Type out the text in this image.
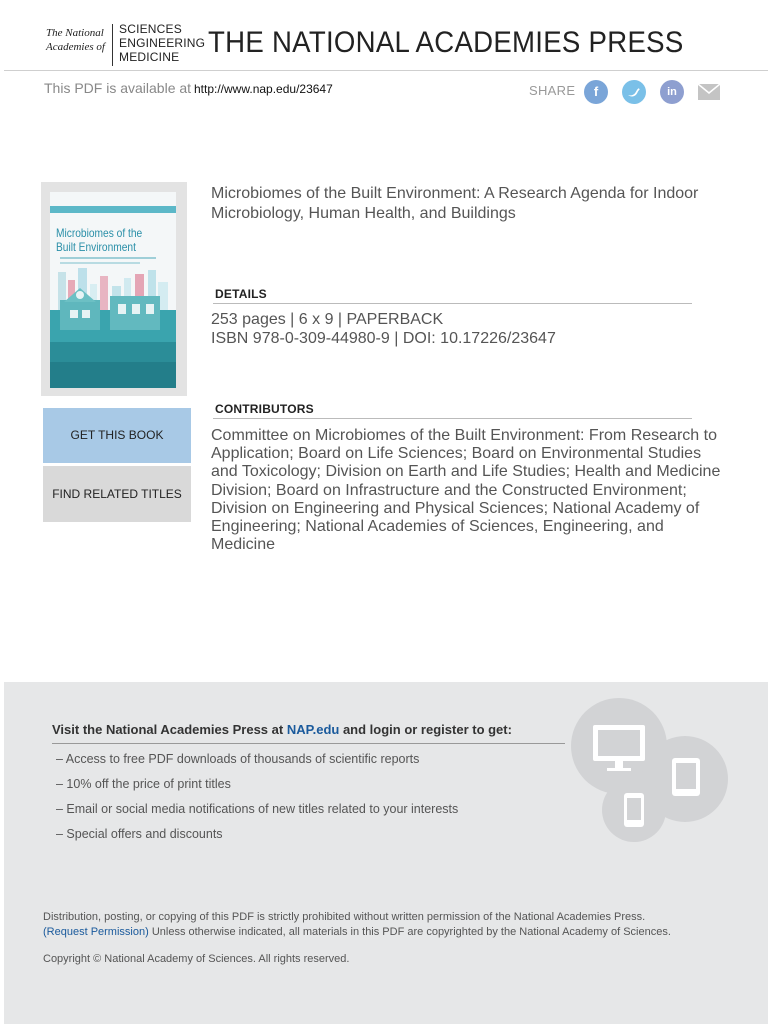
The National
Academies of
SCIENCES
ENGINEERING
MEDICINE THE NATIONAL ACADEMIES PRESS
This PDF is available at http://www.nap.edu/23647	SHARE	f	in
Microbiomes of the
Built Environment
Microbiomes of the Built Environment: A Research Agenda for Indoor Microbiology, Human Health, and Buildings
DETAILS
253 pages | 6 x 9 | PAPERBACK
ISBN 978-0-309-44980-9 | DOI: 10.17226/23647
CONTRIBUTORS
Committee on Microbiomes of the Built Environment: From Research to Application; Board on Life Sciences; Board on Environmental Studies and Toxicology; Division on Earth and Life Studies; Health and Medicine Division; Board on Infrastructure and the Constructed Environment; Division on Engineering and Physical Sciences; National Academy of Engineering; National Academies of Sciences, Engineering, and Medicine
GET THIS BOOK
FIND RELATED TITLES
Visit the National Academies Press at NAP.edu and login or register to get:
– Access to free PDF downloads of thousands of scientific reports
– 10% off the price of print titles
– Email or social media notifications of new titles related to your interests
– Special offers and discounts
Distribution, posting, or copying of this PDF is strictly prohibited without written permission of the National Academies Press.
(Request Permission) Unless otherwise indicated, all materials in this PDF are copyrighted by the National Academy of Sciences.
Copyright © National Academy of Sciences. All rights reserved.
